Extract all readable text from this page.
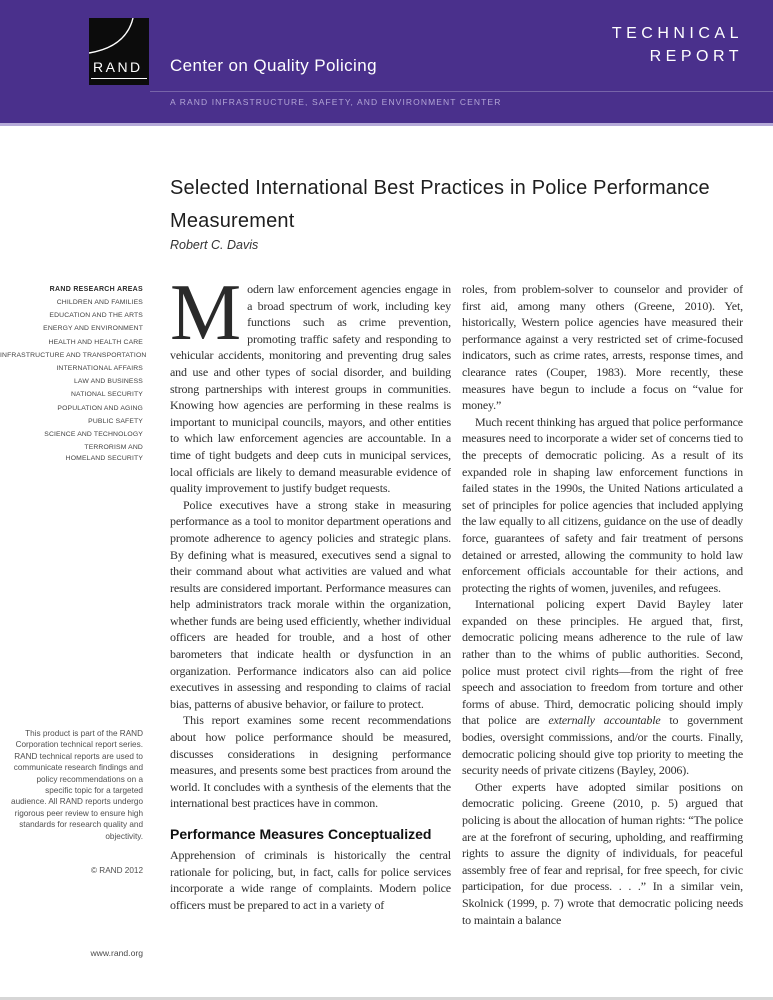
RAND Center on Quality Policing
A RAND INFRASTRUCTURE, SAFETY, AND ENVIRONMENT CENTER
TECHNICAL
REPORT
Selected International Best Practices in Police Performance
Measurement
Robert C. Davis
RAND RESEARCH AREAS
CHILDREN AND FAMILIES
EDUCATION AND THE ARTS
ENERGY AND ENVIRONMENT
HEALTH AND HEALTH CARE
INFRASTRUCTURE AND TRANSPORTATION
INTERNATIONAL AFFAIRS
LAW AND BUSINESS
NATIONAL SECURITY
POPULATION AND AGING
PUBLIC SAFETY
SCIENCE AND TECHNOLOGY
TERRORISM AND HOMELAND SECURITY
This product is part of the RAND Corporation technical report series. RAND technical reports are used to communicate research findings and policy recommendations on a specific topic for a targeted audience. All RAND reports undergo rigorous peer review to ensure high standards for research quality and objectivity.
© RAND 2012
www.rand.org

Modern law enforcement agencies engage in a broad spectrum of work, including key functions such as crime prevention, promoting traffic safety and responding to vehicular accidents, monitoring and preventing drug sales and use and other types of social disorder, and building strong partnerships with interest groups in communities. Knowing how agencies are performing in these realms is important to municipal councils, mayors, and other entities to which law enforcement agencies are accountable. In a time of tight budgets and deep cuts in municipal services, local officials are likely to demand measurable evidence of quality improvement to justify budget requests.

Police executives have a strong stake in measuring performance as a tool to monitor department operations and promote adherence to agency policies and strategic plans. By defining what is measured, executives send a signal to their command about what activities are valued and what results are considered important. Performance measures can help administrators track morale within the organization, whether funds are being used efficiently, whether individual officers are headed for trouble, and a host of other barometers that indicate health or dysfunction in an organization. Performance indicators also can aid police executives in assessing and responding to claims of racial bias, patterns of abusive behavior, or failure to protect.

This report examines some recent recommendations about how police performance should be measured, discusses considerations in designing performance measures, and presents some best practices from around the world. It concludes with a synthesis of the elements that the international best practices have in common.

Performance Measures Conceptualized

Apprehension of criminals is historically the central rationale for policing, but, in fact, calls for police services incorporate a wide range of complaints. Modern police officers must be prepared to act in a variety of

roles, from problem-solver to counselor and provider of first aid, among many others (Greene, 2010). Yet, historically, Western police agencies have measured their performance against a very restricted set of crime-focused indicators, such as crime rates, arrests, response times, and clearance rates (Couper, 1983). More recently, these measures have begun to include a focus on “value for money.”

Much recent thinking has argued that police performance measures need to incorporate a wider set of concerns tied to the precepts of democratic policing. As a result of its expanded role in shaping law enforcement functions in failed states in the 1990s, the United Nations articulated a set of principles for police agencies that included applying the law equally to all citizens, guidance on the use of deadly force, guarantees of safety and fair treatment of persons detained or arrested, allowing the community to hold law enforcement officials accountable for their actions, and protecting the rights of women, juveniles, and refugees.

International policing expert David Bayley later expanded on these principles. He argued that, first, democratic policing means adherence to the rule of law rather than to the whims of public authorities. Second, police must protect civil rights—from the right of free speech and association to freedom from torture and other forms of abuse. Third, democratic policing should imply that police are externally accountable to government bodies, oversight commissions, and/or the courts. Finally, democratic policing should give top priority to meeting the security needs of private citizens (Bayley, 2006).

Other experts have adopted similar positions on democratic policing. Greene (2010, p. 5) argued that policing is about the allocation of human rights: “The police are at the forefront of securing, upholding, and reaffirming rights to assure the dignity of individuals, for peaceful assembly free of fear and reprisal, for free speech, for civic participation, for due process. . . .” In a similar vein, Skolnick (1999, p. 7) wrote that democratic policing needs to maintain a balance
